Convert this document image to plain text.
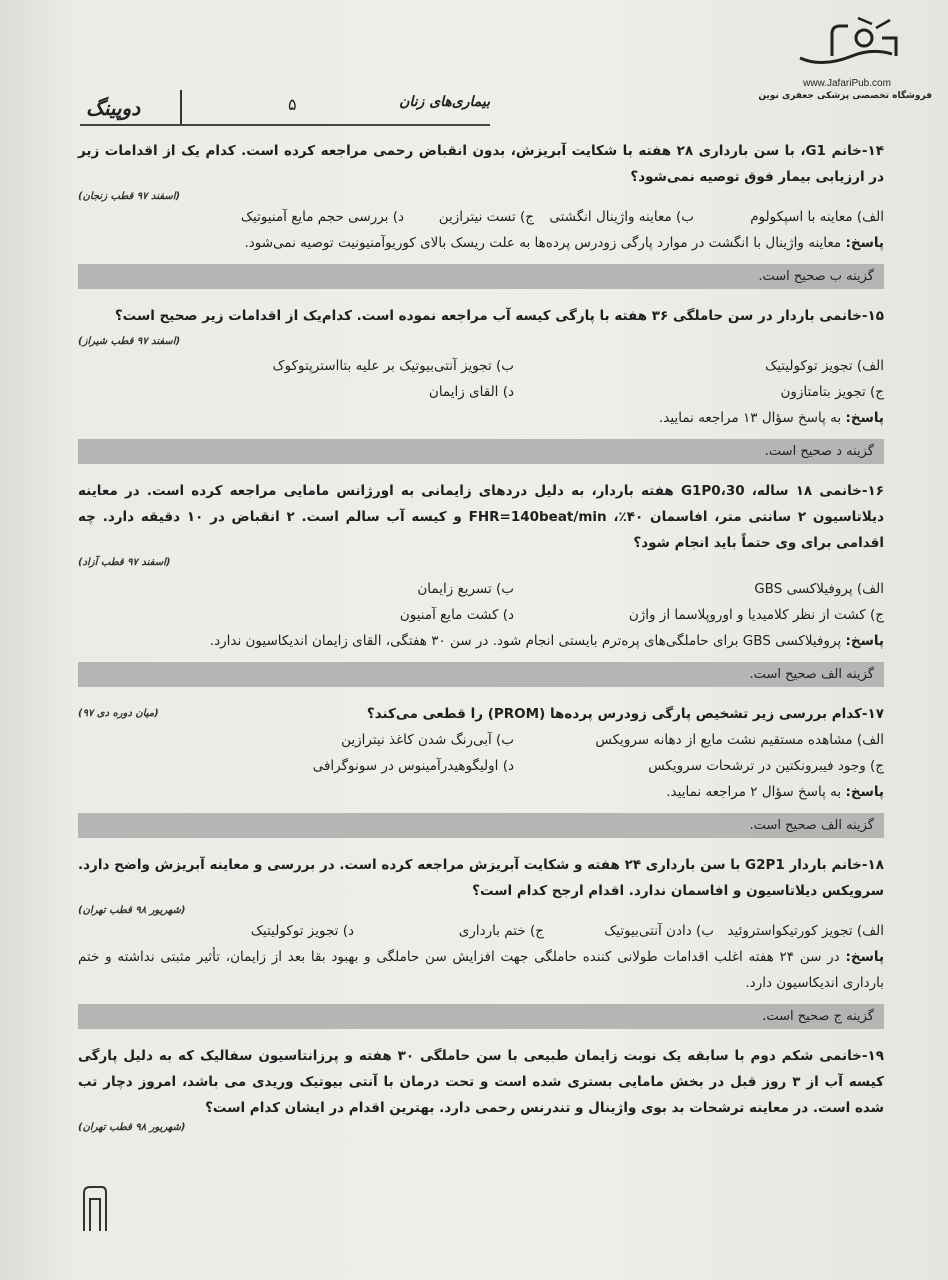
www.JafariPub.com
فروشگاه تخصصی پزشکی جعفری نوین
دوپینگ	۵	بیماری‌های زنان
۱۴-خانم G1، با سن بارداری ۲۸ هفته با شکایت آبریزش، بدون انقباض رحمی مراجعه کرده است. کدام یک از اقدامات زیر در ارزیابی بیمار فوق توصیه نمی‌شود؟
(اسفند ۹۷ قطب زنجان)
الف) معاینه با اسپکولوم
ب) معاینه واژینال انگشتی
ج) تست نیترازین
د) بررسی حجم مایع آمنیوتیک
پاسخ: معاینه واژینال با انگشت در موارد پارگی زودرس پرده‌ها به علت ریسک بالای کوریوآمنیونیت توصیه نمی‌شود.
گزینه ب صحیح است.
۱۵-خانمی باردار در سن حاملگی ۳۶ هفته با پارگی کیسه آب مراجعه نموده است. کدام‌یک از اقدامات زیر صحیح است؟
(اسفند ۹۷ قطب شیراز)
الف) تجویز توکولیتیک
ب) تجویز آنتی‌بیوتیک بر علیه بتااسترپتوکوک
ج) تجویز بتامتازون
د) القای زایمان
پاسخ: به پاسخ سؤال ۱۳ مراجعه نمایید.
گزینه د صحیح است.
۱۶-خانمی ۱۸ ساله، 30،G1P0 هفته باردار، به دلیل دردهای زایمانی به اورژانس مامایی مراجعه کرده است. در معاینه دیلاتاسیون ۲ سانتی متر، افاسمان ۴۰٪، FHR=140beat/min و کیسه آب سالم است. ۲ انقباض در ۱۰ دقیقه دارد. چه اقدامی برای وی حتماً باید انجام شود؟
(اسفند ۹۷ قطب آزاد)
الف) پروفیلاکسی GBS
ب) تسریع زایمان
ج) کشت از نظر کلامیدیا و اوروپلاسما از واژن
د) کشت مایع آمنیون
پاسخ: پروفیلاکسی GBS برای حاملگی‌های پره‌ترم بایستی انجام شود. در سن ۳۰ هفتگی، القای زایمان اندیکاسیون ندارد.
گزینه الف صحیح است.
۱۷-کدام بررسی زیر تشخیص پارگی زودرس پرده‌ها (PROM) را قطعی می‌کند؟
(میان دوره دی ۹۷)
الف) مشاهده مستقیم نشت مایع از دهانه سرویکس
ب) آبی‌رنگ شدن کاغذ نیترازین
ج) وجود فیبرونکتین در ترشحات سرویکس
د) اولیگوهیدرآمینوس در سونوگرافی
پاسخ: به پاسخ سؤال ۲ مراجعه نمایید.
گزینه الف صحیح است.
۱۸-خانم باردار G2P1 با سن بارداری ۲۴ هفته و شکایت آبریزش مراجعه کرده است. در بررسی و معاینه آبریزش واضح دارد. سرویکس دیلاتاسیون و افاسمان ندارد. اقدام ارجح کدام است؟
(شهریور ۹۸ قطب تهران)
الف) تجویز کورتیکواستروئید
ب) دادن آنتی‌بیوتیک
ج) ختم بارداری
د) تجویز توکولیتیک
پاسخ: در سن ۲۴ هفته اغلب اقدامات طولانی کننده حاملگی جهت افزایش سن حاملگی و بهبود بقا بعد از زایمان، تأثیر مثبتی نداشته و ختم بارداری اندیکاسیون دارد.
گزینه ج صحیح است.
۱۹-خانمی شکم دوم با سابقه یک نوبت زایمان طبیعی با سن حاملگی ۳۰ هفته و پرزانتاسیون سفالیک که به دلیل پارگی کیسه آب از ۳ روز قبل در بخش مامایی بستری شده است و تحت درمان با آنتی بیوتیک وریدی می باشد، امروز دچار تب شده است. در معاینه ترشحات بد بوی واژینال و تندرنس رحمی دارد. بهترین اقدام در ایشان کدام است؟
(شهریور ۹۸ قطب تهران)
